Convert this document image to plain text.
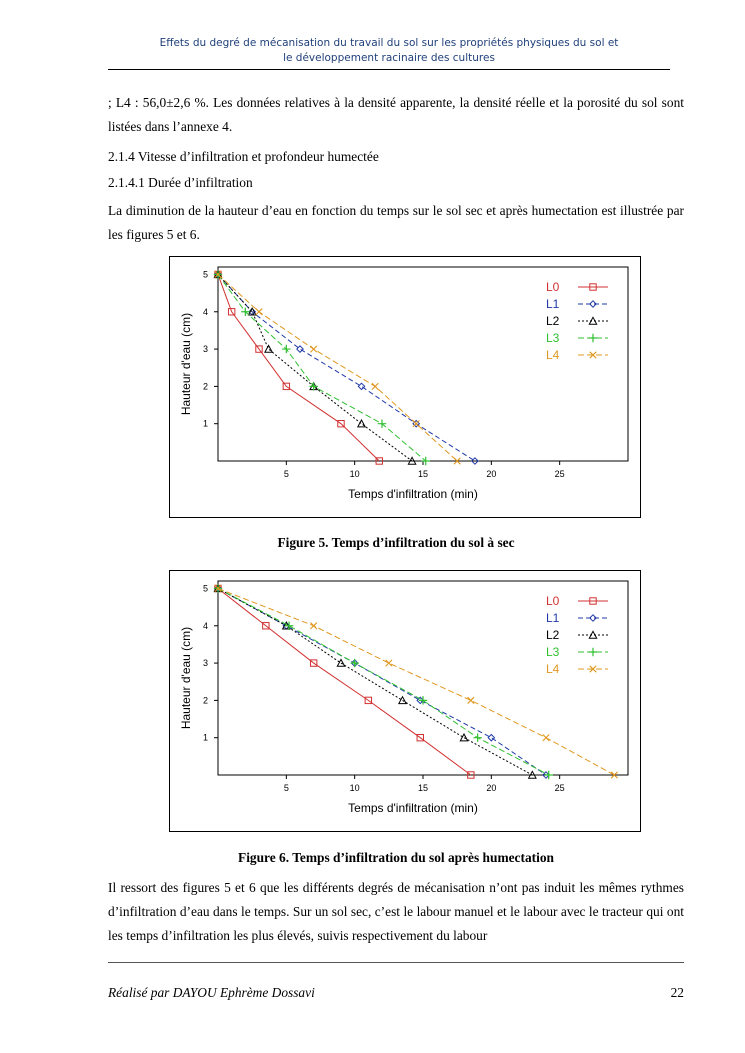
Effets du degré de mécanisation du travail du sol sur les propriétés physiques du sol et
le développement racinaire des cultures
; L4 : 56,0±2,6 %. Les données relatives à la densité apparente, la densité réelle et la porosité du sol sont listées dans l’annexe 4.
2.1.4 Vitesse d’infiltration et profondeur humectée
2.1.4.1 Durée d’infiltration
La diminution de la hauteur d’eau en fonction du temps sur le sol sec et après humectation est illustrée par les figures 5 et 6.
5	10	15	20	25
1
2
3
4
5
Temps d'infiltration (min)
Hauteur d'eau (cm)
L0
L1
L2
L3
L4
Figure 5. Temps d’infiltration du sol à sec
5	10	15	20	25
1
2
3
4
5
Temps d'infiltration (min)
Hauteur d'eau (cm)
L0
L1
L2
L3
L4
Figure 6. Temps d’infiltration du sol après humectation
Il ressort des figures 5 et 6 que les différents degrés de mécanisation n’ont pas induit les mêmes rythmes d’infiltration d’eau dans le temps. Sur un sol sec, c’est le labour manuel et le labour avec le tracteur qui ont les temps d’infiltration les plus élevés, suivis respectivement du labour
Réalisé par DAYOU Ephrème Dossavi	22
